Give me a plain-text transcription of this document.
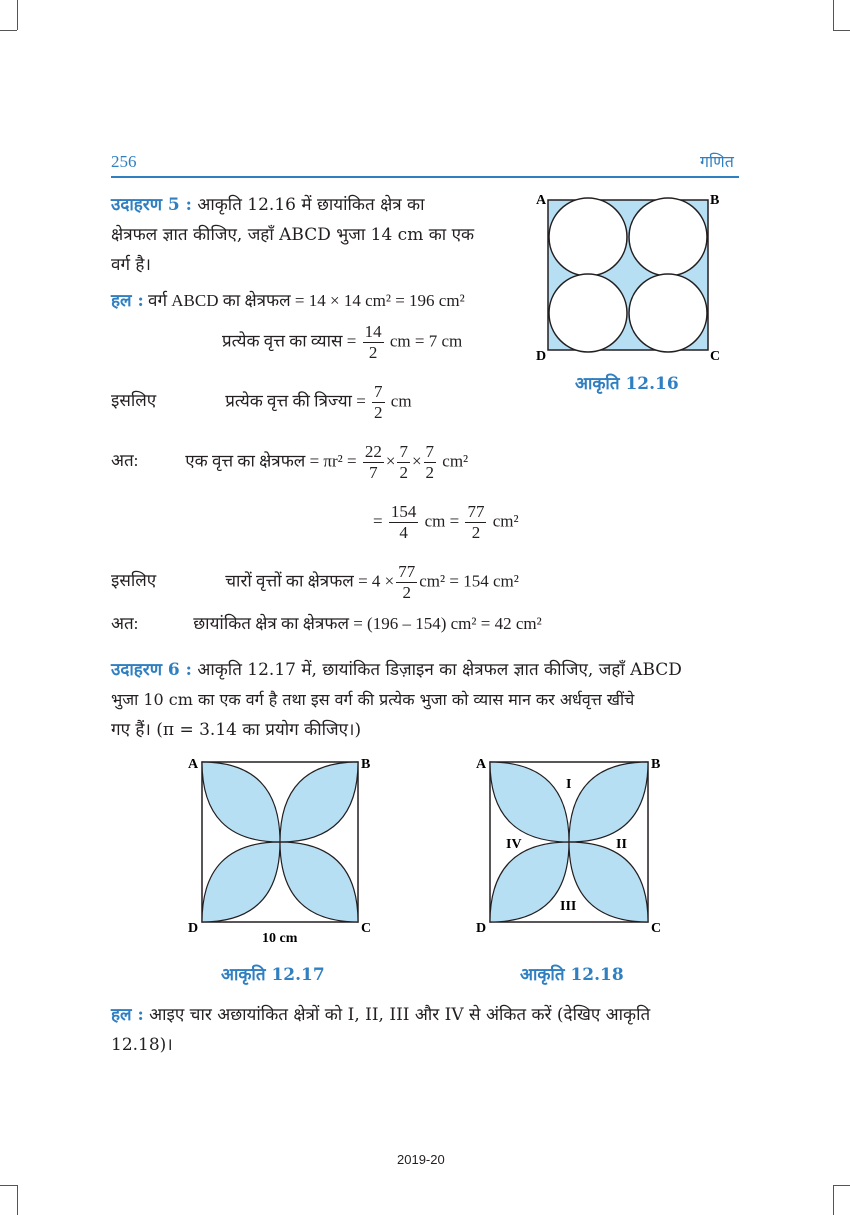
256	गणित
उदाहरण 5 : आकृति 12.16 में छायांकित क्षेत्र का
क्षेत्रफल ज्ञात कीजिए, जहाँ ABCD भुजा 14 cm का एक
वर्ग है।
हल : वर्ग ABCD का क्षेत्रफल = 14 × 14 cm² = 196 cm²
प्रत्येक वृत्त का व्यास = $\frac{14}{2}$ cm = 7 cm
इसलिए	प्रत्येक वृत्त की त्रिज्या = $\frac{7}{2}$ cm
अत:	एक वृत्त का क्षेत्रफल = $\pi r^2 = \frac{22}{7} \times \frac{7}{2} \times \frac{7}{2} cm^2$
= $\frac{154}{4}$ cm = $\frac{77}{2} cm^2$
इसलिए	चारों वृत्तों का क्षेत्रफल = $4 \times \frac{77}{2} cm^2 = 154$ cm²
अत:	छायांकित क्षेत्र का क्षेत्रफल = (196 – 154) cm² = 42 cm²
A	B
D	C
आकृति 12.16
उदाहरण 6 : आकृति 12.17 में, छायांकित डिज़ाइन का क्षेत्रफल ज्ञात कीजिए, जहाँ ABCD
भुजा 10 cm का एक वर्ग है तथा इस वर्ग की प्रत्येक भुजा को व्यास मान कर अर्धवृत्त खींचे
गए हैं। (π = 3.14 का प्रयोग कीजिए।)
A	B
D	C
10 cm
आकृति 12.17
I
II
III
IV
A	B
D	C
आकृति 12.18
हल : आइए चार अछायांकित क्षेत्रों को I, II, III और IV से अंकित करें (देखिए आकृति
12.18)।
2019-20
